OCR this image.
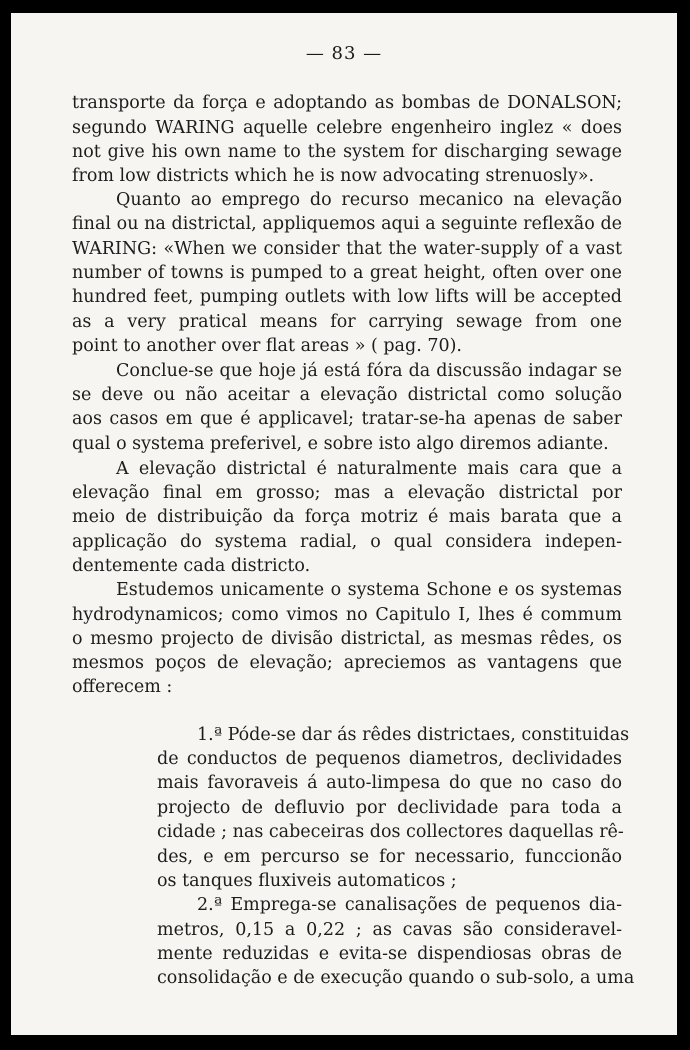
— 83 —
transporte da força e adoptando as bombas de DONALSON;
segundo WARING aquelle celebre engenheiro inglez « does
not give his own name to the system for discharging sewage
from low districts which he is now advocating strenuosly».
Quanto ao emprego do recurso mecanico na elevação
final ou na districtal, appliquemos aqui a seguinte reflexão de
WARING: «When we consider that the water-supply of a vast
number of towns is pumped to a great height, often over one
hundred feet, pumping outlets with low lifts will be accepted
as a very pratical means for carrying sewage from one
point to another over flat areas » ( pag. 70).
Conclue-se que hoje já está fóra da discussão indagar se
se deve ou não aceitar a elevação districtal como solução
aos casos em que é applicavel; tratar-se-ha apenas de saber
qual o systema preferivel, e sobre isto algo diremos adiante.
A elevação districtal é naturalmente mais cara que a
elevação final em grosso; mas a elevação districtal por
meio de distribuição da força motriz é mais barata que a
applicação do systema radial, o qual considera indepen-
dentemente cada districto.
Estudemos unicamente o systema Schone e os systemas
hydrodynamicos; como vimos no Capitulo I, lhes é commum
o mesmo projecto de divisão districtal, as mesmas rêdes, os
mesmos poços de elevação; apreciemos as vantagens que
offerecem :
1.ª Póde-se dar ás rêdes districtaes, constituidas
de conductos de pequenos diametros, declividades
mais favoraveis á auto-limpesa do que no caso do
projecto de defluvio por declividade para toda a
cidade ; nas cabeceiras dos collectores daquellas rê-
des, e em percurso se for necessario, funccionão
os tanques fluxiveis automaticos ;
2.ª Emprega-se canalisações de pequenos dia-
metros, 0,15 a 0,22 ; as cavas são consideravel-
mente reduzidas e evita-se dispendiosas obras de
consolidação e de execução quando o sub-solo, a uma
